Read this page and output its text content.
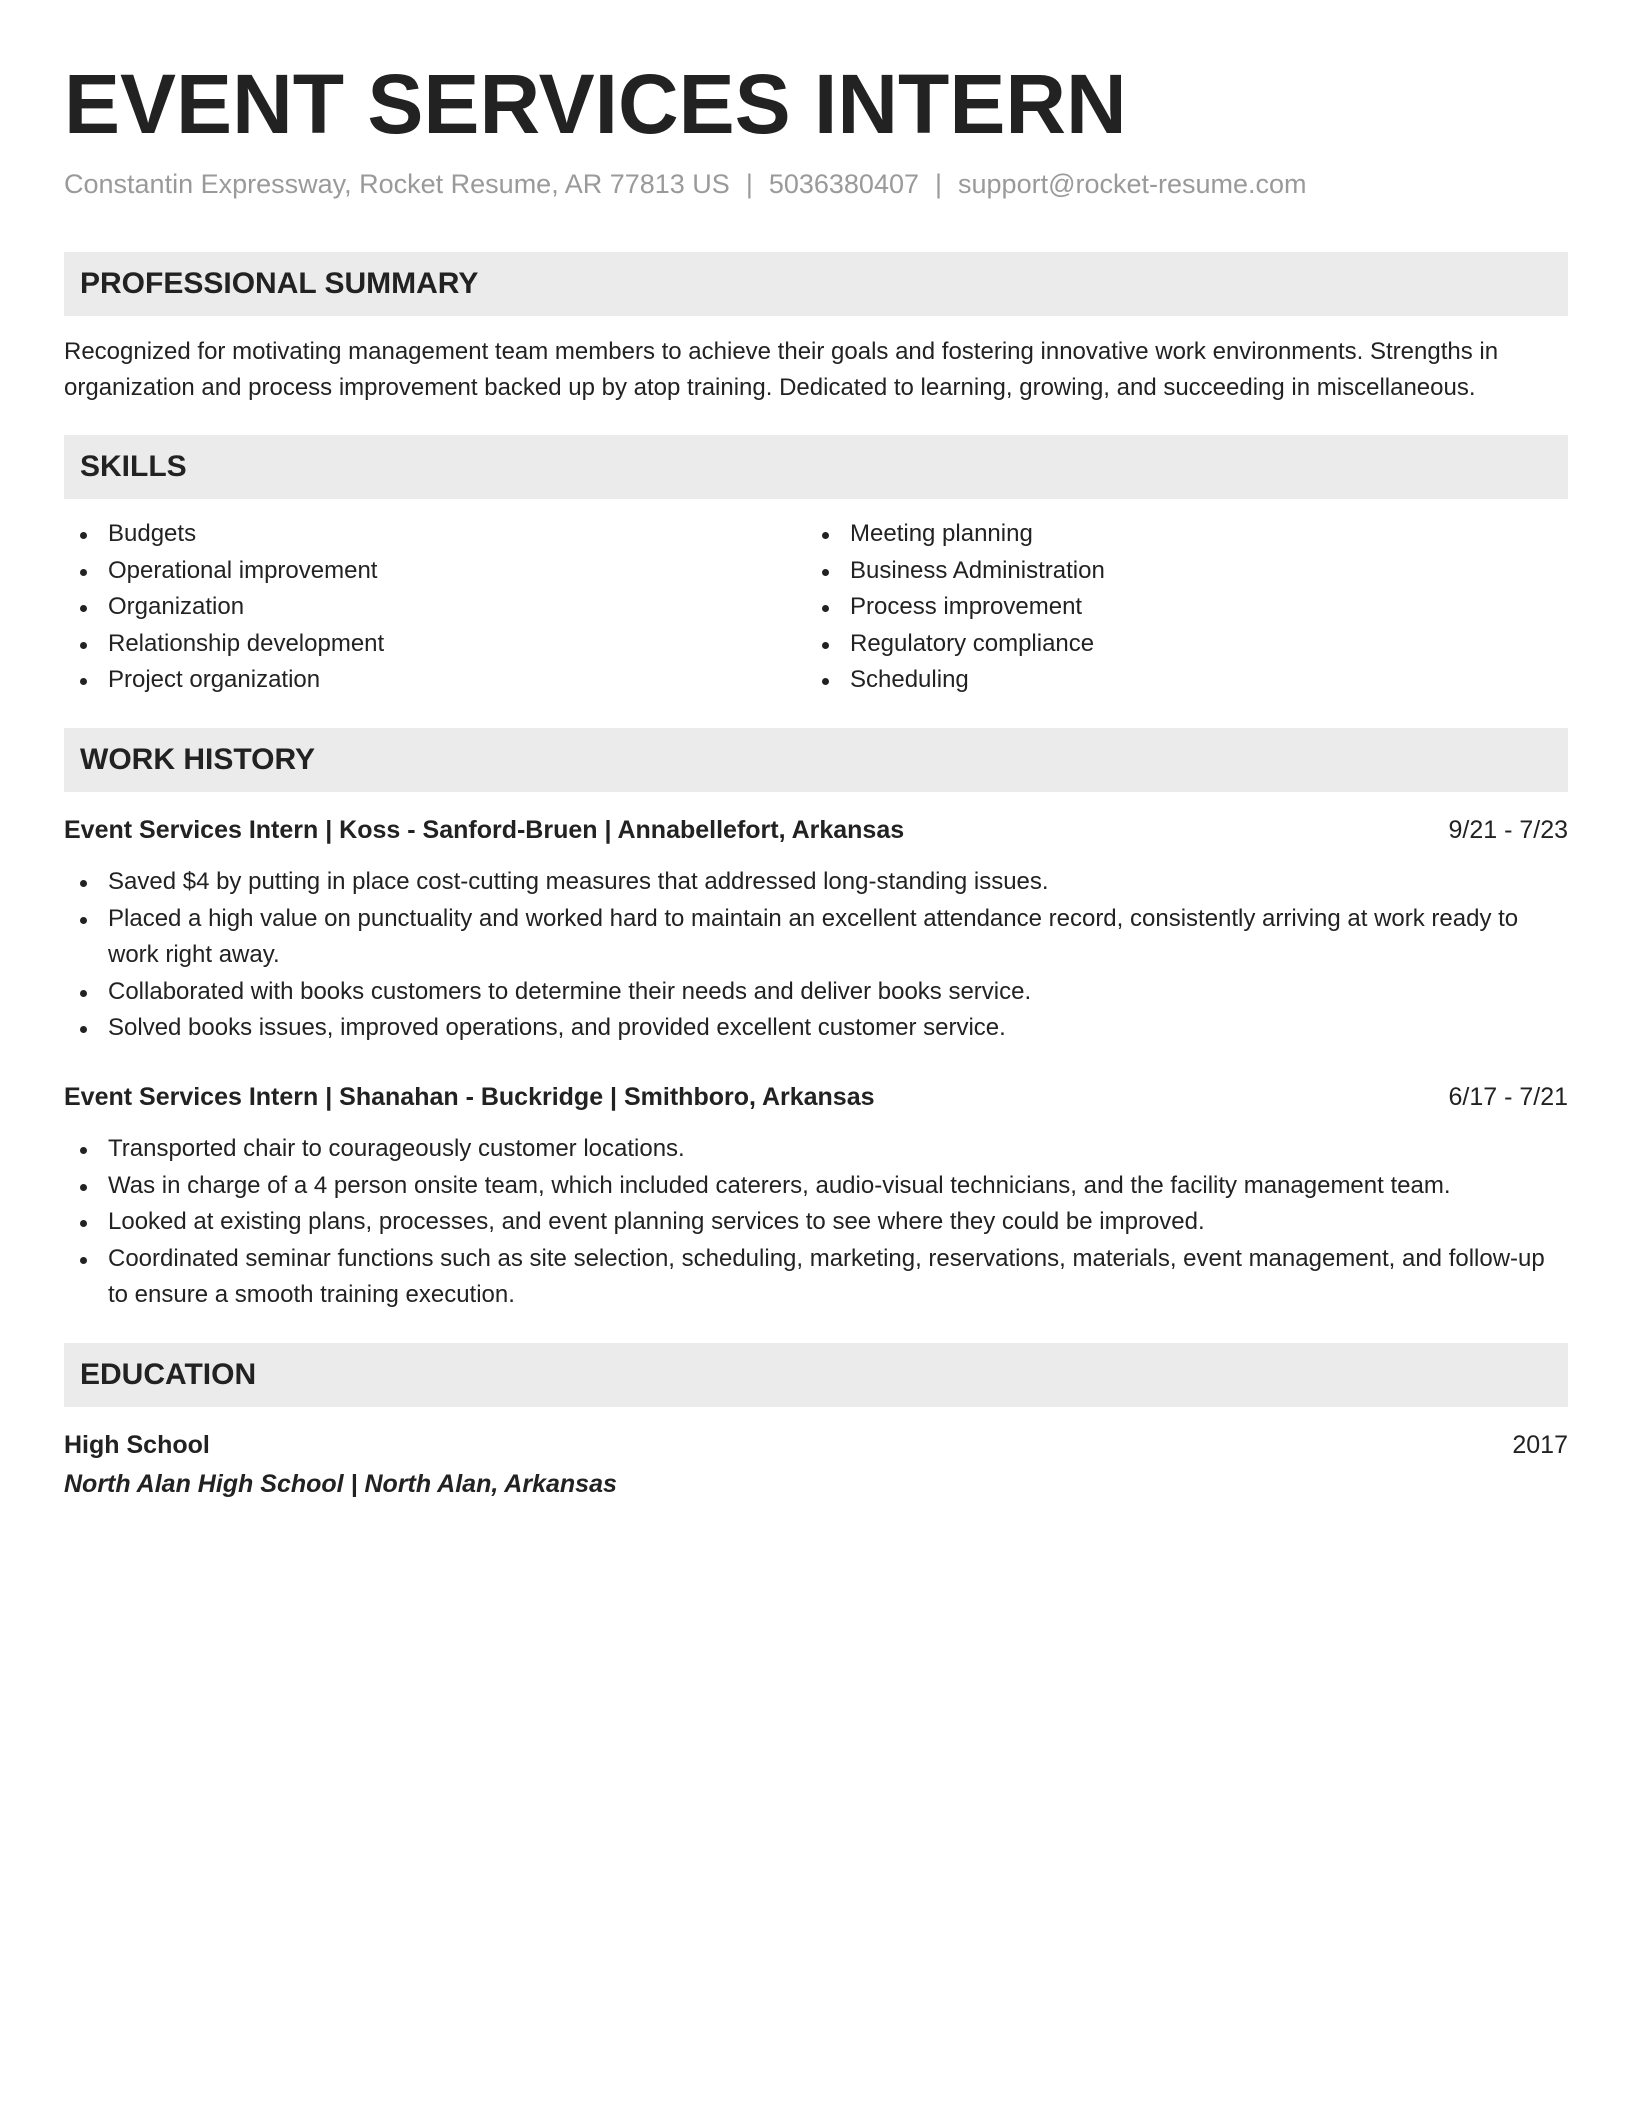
EVENT SERVICES INTERN
Constantin Expressway, Rocket Resume, AR 77813 US | 5036380407 | support@rocket-resume.com
PROFESSIONAL SUMMARY

Recognized for motivating management team members to achieve their goals and fostering innovative work environments. Strengths in organization and process improvement backed up by atop training. Dedicated to learning, growing, and succeeding in miscellaneous.

SKILLS
Budgets
Operational improvement
Organization
Relationship development
Project organization
Meeting planning
Business Administration
Process improvement
Regulatory compliance
Scheduling
WORK HISTORY
Event Services Intern | Koss - Sanford-Bruen | Annabellefort, Arkansas	9/21 - 7/23
Saved $4 by putting in place cost-cutting measures that addressed long-standing issues.
Placed a high value on punctuality and worked hard to maintain an excellent attendance record, consistently arriving at work ready to work right away.
Collaborated with books customers to determine their needs and deliver books service.
Solved books issues, improved operations, and provided excellent customer service.
Event Services Intern | Shanahan - Buckridge | Smithboro, Arkansas	6/17 - 7/21
Transported chair to courageously customer locations.
Was in charge of a 4 person onsite team, which included caterers, audio-visual technicians, and the facility management team.
Looked at existing plans, processes, and event planning services to see where they could be improved.
Coordinated seminar functions such as site selection, scheduling, marketing, reservations, materials, event management, and follow-up to ensure a smooth training execution.
EDUCATION
High School	2017
North Alan High School | North Alan, Arkansas
